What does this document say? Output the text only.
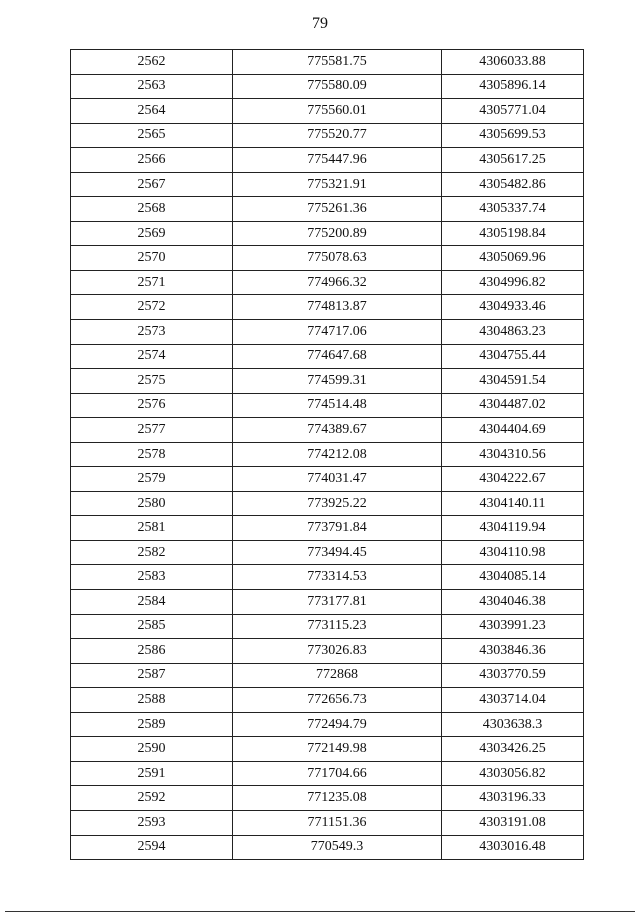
79
2562	775581.75	4306033.88
2563	775580.09	4305896.14
2564	775560.01	4305771.04
2565	775520.77	4305699.53
2566	775447.96	4305617.25
2567	775321.91	4305482.86
2568	775261.36	4305337.74
2569	775200.89	4305198.84
2570	775078.63	4305069.96
2571	774966.32	4304996.82
2572	774813.87	4304933.46
2573	774717.06	4304863.23
2574	774647.68	4304755.44
2575	774599.31	4304591.54
2576	774514.48	4304487.02
2577	774389.67	4304404.69
2578	774212.08	4304310.56
2579	774031.47	4304222.67
2580	773925.22	4304140.11
2581	773791.84	4304119.94
2582	773494.45	4304110.98
2583	773314.53	4304085.14
2584	773177.81	4304046.38
2585	773115.23	4303991.23
2586	773026.83	4303846.36
2587	772868	4303770.59
2588	772656.73	4303714.04
2589	772494.79	4303638.3
2590	772149.98	4303426.25
2591	771704.66	4303056.82
2592	771235.08	4303196.33
2593	771151.36	4303191.08
2594	770549.3	4303016.48
